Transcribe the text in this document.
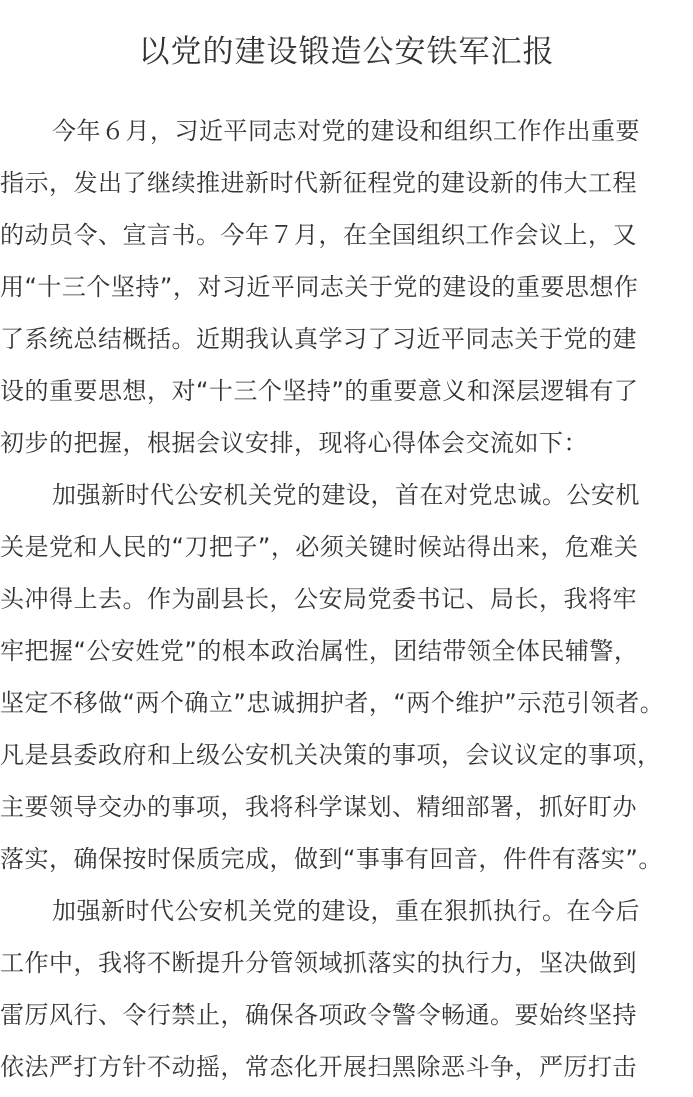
以党的建设锻造公安铁军汇报
今年６月，习近平同志对党的建设和组织工作作出重要
指示，发出了继续推进新时代新征程党的建设新的伟大工程
的动员令、宣言书。今年７月，在全国组织工作会议上，又
用“十三个坚持”，对习近平同志关于党的建设的重要思想作
了系统总结概括。近期我认真学习了习近平同志关于党的建
设的重要思想，对“十三个坚持”的重要意义和深层逻辑有了
初步的把握，根据会议安排，现将心得体会交流如下：
加强新时代公安机关党的建设，首在对党忠诚。公安机
关是党和人民的“刀把子”，必须关键时候站得出来，危难关
头冲得上去。作为副县长，公安局党委书记、局长，我将牢
牢把握“公安姓党”的根本政治属性，团结带领全体民辅警，
坚定不移做“两个确立”忠诚拥护者，“两个维护”示范引领者。
凡是县委政府和上级公安机关决策的事项，会议议定的事项，
主要领导交办的事项，我将科学谋划、精细部署，抓好盯办
落实，确保按时保质完成，做到“事事有回音，件件有落实”。
加强新时代公安机关党的建设，重在狠抓执行。在今后
工作中，我将不断提升分管领域抓落实的执行力，坚决做到
雷厉风行、令行禁止，确保各项政令警令畅通。要始终坚持
依法严打方针不动摇，常态化开展扫黑除恶斗争，严厉打击
